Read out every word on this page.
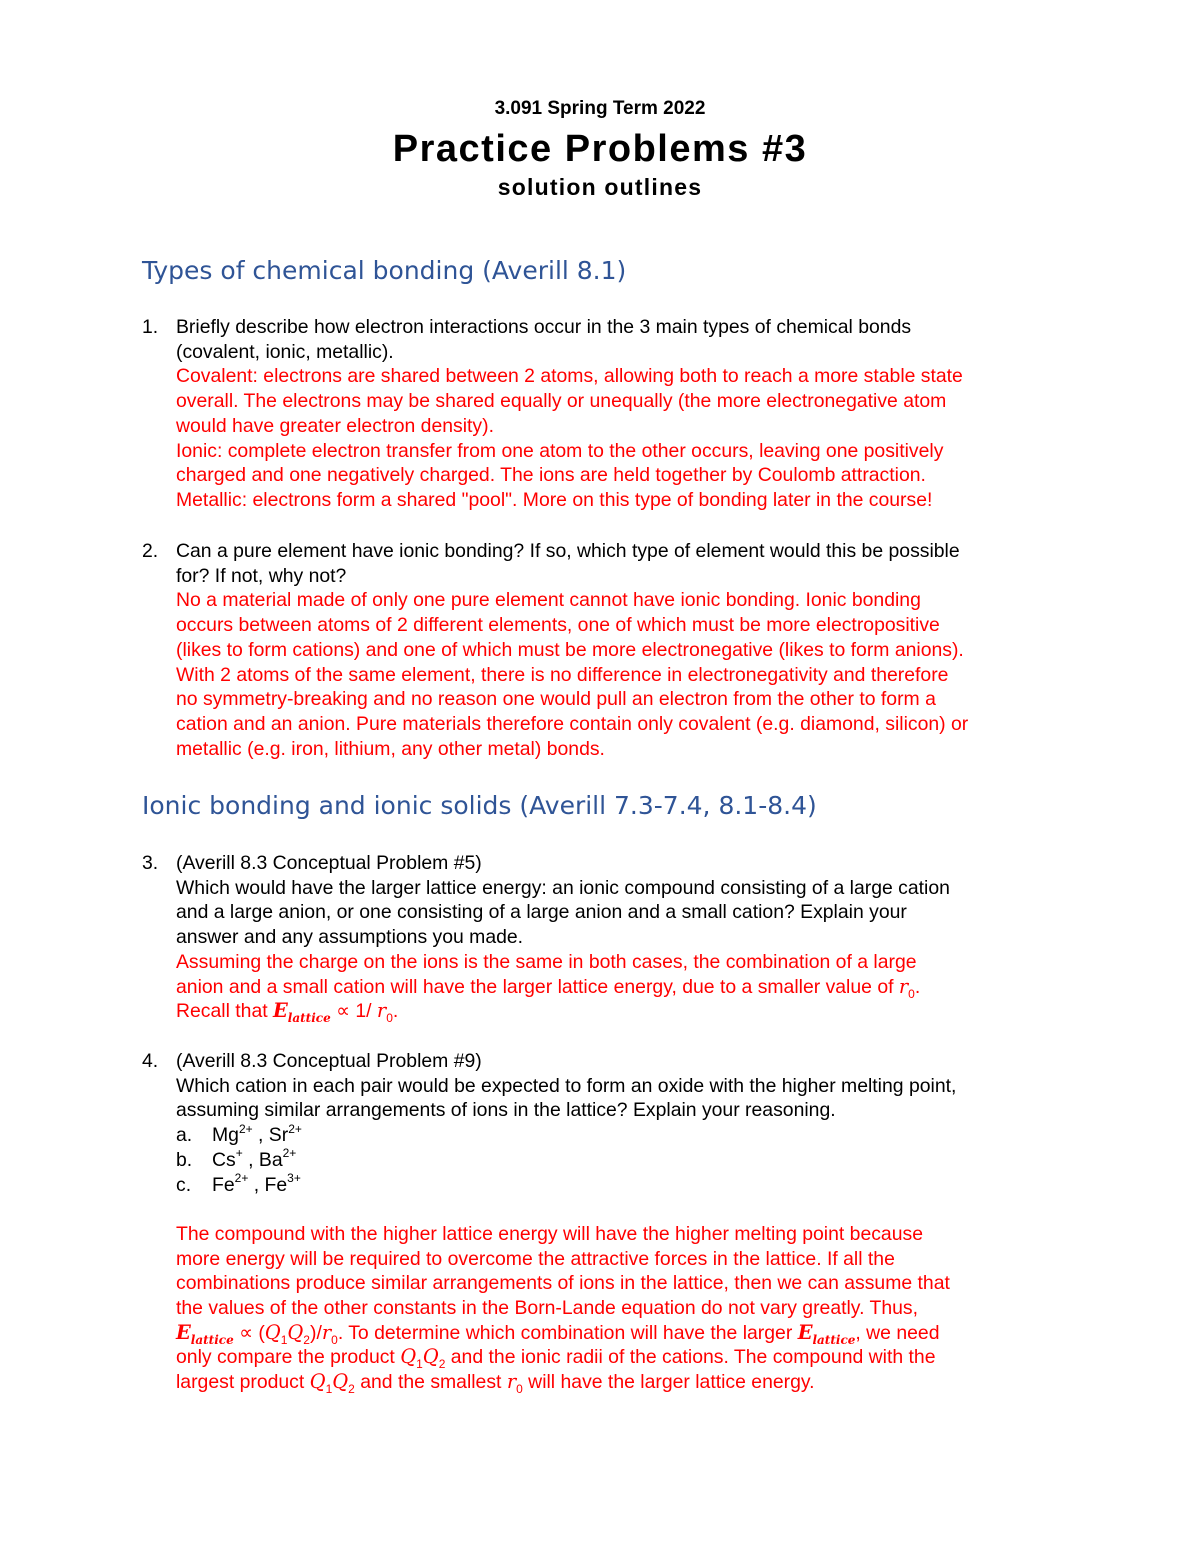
3.091 Spring Term 2022
Practice Problems #3
solution outlines
Types of chemical bonding (Averill 8.1)
1. Briefly describe how electron interactions occur in the 3 main types of chemical bonds
(covalent, ionic, metallic).
Covalent: electrons are shared between 2 atoms, allowing both to reach a more stable state
overall. The electrons may be shared equally or unequally (the more electronegative atom
would have greater electron density).
Ionic: complete electron transfer from one atom to the other occurs, leaving one positively
charged and one negatively charged. The ions are held together by Coulomb attraction.
Metallic: electrons form a shared "pool". More on this type of bonding later in the course!
2. Can a pure element have ionic bonding? If so, which type of element would this be possible
for? If not, why not?
No a material made of only one pure element cannot have ionic bonding. Ionic bonding
occurs between atoms of 2 different elements, one of which must be more electropositive
(likes to form cations) and one of which must be more electronegative (likes to form anions).
With 2 atoms of the same element, there is no difference in electronegativity and therefore
no symmetry-breaking and no reason one would pull an electron from the other to form a
cation and an anion. Pure materials therefore contain only covalent (e.g. diamond, silicon) or
metallic (e.g. iron, lithium, any other metal) bonds.
Ionic bonding and ionic solids (Averill 7.3-7.4, 8.1-8.4)
3. (Averill 8.3 Conceptual Problem #5)
Which would have the larger lattice energy: an ionic compound consisting of a large cation
and a large anion, or one consisting of a large anion and a small cation? Explain your
answer and any assumptions you made.
Assuming the charge on the ions is the same in both cases, the combination of a large
anion and a small cation will have the larger lattice energy, due to a smaller value of $r_0$.
Recall that $E_{lattice} \propto 1/$ $r_0$.
4. (Averill 8.3 Conceptual Problem #9)
Which cation in each pair would be expected to form an oxide with the higher melting point,
assuming similar arrangements of ions in the lattice? Explain your reasoning.
a.	$Mg^{2+}$ , $Sr^{2+}$
b.	Cs+ , $Ba^{2+}$
c.	$Fe^{2+}$ , $Fe^{3+}$
The compound with the higher lattice energy will have the higher melting point because
more energy will be required to overcome the attractive forces in the lattice. If all the
combinations produce similar arrangements of ions in the lattice, then we can assume that
the values of the other constants in the Born-Lande equation do not vary greatly. Thus,
$E_{lattice} \propto (Q_1Q_2)/r_0$. To determine which combination will have the larger $E_{lattice}$, we need
only compare the product $Q_1Q_2$ and the ionic radii of the cations. The compound with the
largest product $Q_1Q_2$ and the smallest $r_0$ will have the larger lattice energy.
